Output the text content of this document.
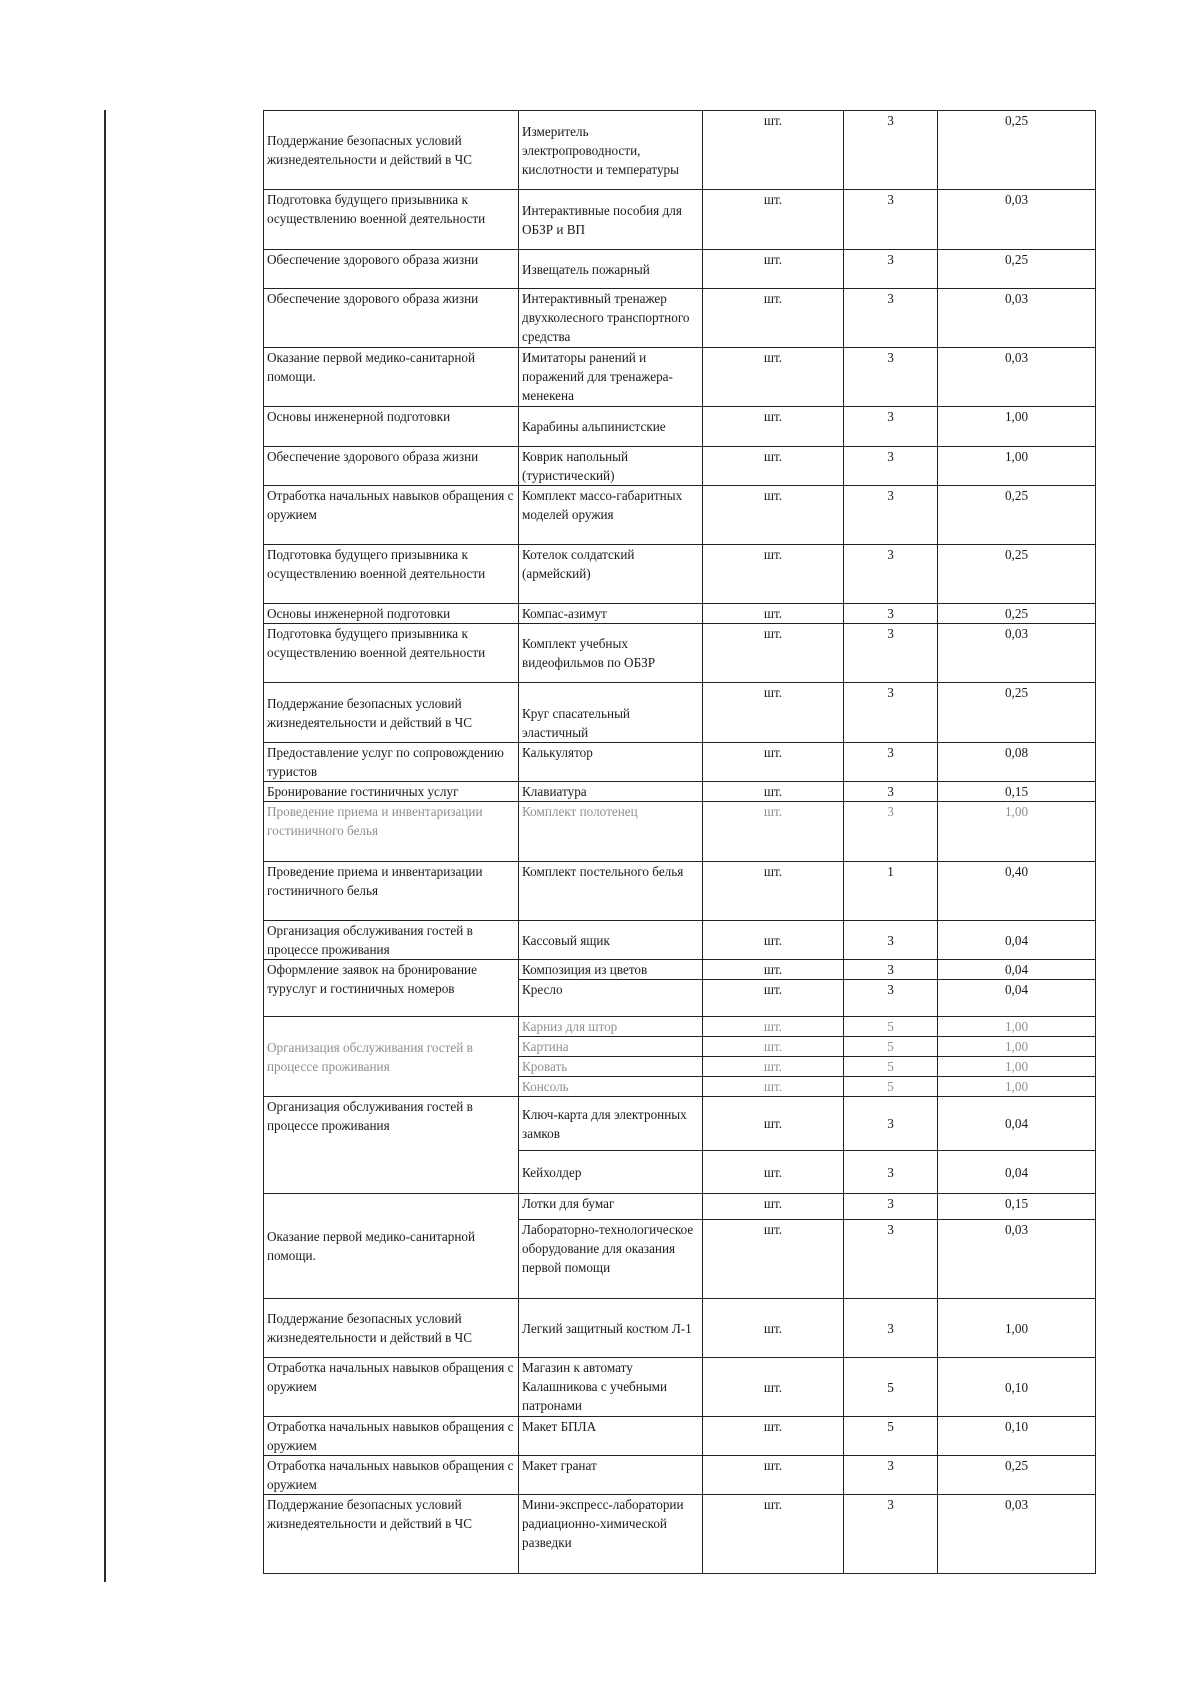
Поддержание безопасных условий жизнедеятельности и действий в ЧС	Измеритель электропроводности, кислотности и температуры	шт.	3	0,25
Подготовка будущего призывника к осуществлению военной деятельности	Интерактивные пособия для ОБЗР и ВП	шт.	3	0,03
Обеспечение здорового образа жизни	Извещатель пожарный	шт.	3	0,25
Обеспечение здорового образа жизни	Интерактивный тренажер двухколесного транспортного средства	шт.	3	0,03
Оказание первой медико-санитарной помощи.	Имитаторы ранений и поражений для тренажера-менекена	шт.	3	0,03
Основы инженерной подготовки	Карабины альпинистские	шт.	3	1,00
Обеспечение здорового образа жизни	Коврик напольный (туристический)	шт.	3	1,00
Отработка начальных навыков обращения с оружием	Комплект массо-габаритных моделей оружия	шт.	3	0,25
Подготовка будущего призывника к осуществлению военной деятельности	Котелок солдатский (армейский)	шт.	3	0,25
Основы инженерной подготовки	Компас-азимут	шт.	3	0,25
Подготовка будущего призывника к осуществлению военной деятельности	Комплект учебных видеофильмов по ОБЗР	шт.	3	0,03
Поддержание безопасных условий жизнедеятельности и действий в ЧС	Круг спасательный эластичный	шт.	3	0,25
Предоставление услуг по сопровождению туристов	Калькулятор	шт.	3	0,08
Бронирование гостиничных услуг	Клавиатура	шт.	3	0,15
Проведение приема и инвентаризации гостиничного белья	Комплект полотенец	шт.	3	1,00
Проведение приема и инвентаризации гостиничного белья	Комплект постельного белья	шт.	1	0,40
Организация обслуживания гостей в процессе проживания	Кассовый ящик	шт.	3	0,04
Оформление заявок на бронирование туруслуг и гостиничных номеров	Композиция из цветов	шт.	3	0,04
	Кресло	шт.	3	0,04
Организация обслуживания гостей в процессе проживания	Карниз для штор	шт.	5	1,00
	Картина	шт.	5	1,00
	Кровать	шт.	5	1,00
	Консоль	шт.	5	1,00
Организация обслуживания гостей в процессе проживания	Ключ-карта для электронных замков	шт.	3	0,04
	Кейхолдер	шт.	3	0,04
Оказание первой медико-санитарной помощи.	Лотки для бумаг	шт.	3	0,15
	Лабораторно-технологическое оборудование для оказания первой помощи	шт.	3	0,03
Поддержание безопасных условий жизнедеятельности и действий в ЧС	Легкий защитный костюм Л-1	шт.	3	1,00
Отработка начальных навыков обращения с оружием	Магазин к автомату Калашникова с учебными патронами	шт.	5	0,10
Отработка начальных навыков обращения с оружием	Макет БПЛА	шт.	5	0,10
Отработка начальных навыков обращения с оружием	Макет гранат	шт.	3	0,25
Поддержание безопасных условий жизнедеятельности и действий в ЧС	Мини-экспресс-лаборатории радиационно-химической разведки	шт.	3	0,03
